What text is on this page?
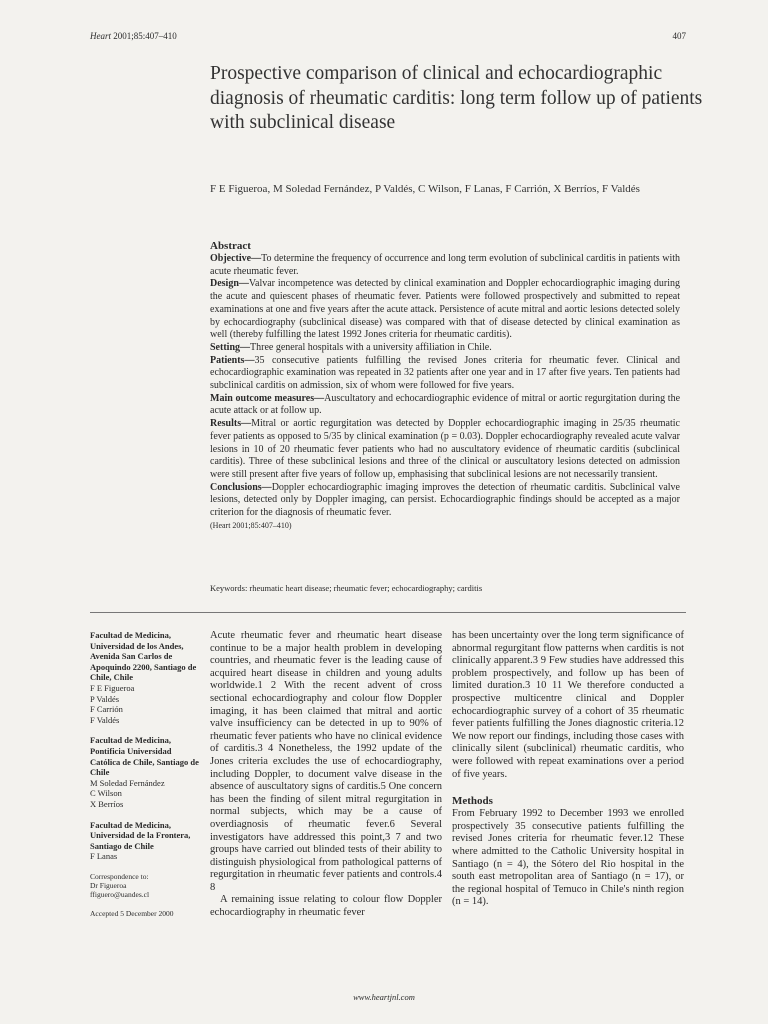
Heart 2001;85:407–410	407
Prospective comparison of clinical and echocardiographic diagnosis of rheumatic carditis: long term follow up of patients with subclinical disease
F E Figueroa, M Soledad Fernández, P Valdés, C Wilson, F Lanas, F Carrión, X Berríos, F Valdés
Abstract

Objective—To determine the frequency of occurrence and long term evolution of subclinical carditis in patients with acute rheumatic fever.

Design—Valvar incompetence was detected by clinical examination and Doppler echocardiographic imaging during the acute and quiescent phases of rheumatic fever. Patients were followed prospectively and submitted to repeat examinations at one and five years after the acute attack. Persistence of acute mitral and aortic lesions detected solely by echocardiography (subclinical disease) was compared with that of disease detected by clinical examination as well (thereby fulfilling the latest 1992 Jones criteria for rheumatic carditis).

Setting—Three general hospitals with a university affiliation in Chile.

Patients—35 consecutive patients fulfilling the revised Jones criteria for rheumatic fever. Clinical and echocardiographic examination was repeated in 32 patients after one year and in 17 after five years. Ten patients had subclinical carditis on admission, six of whom were followed for five years.

Main outcome measures—Auscultatory and echocardiographic evidence of mitral or aortic regurgitation during the acute attack or at follow up.

Results—Mitral or aortic regurgitation was detected by Doppler echocardiographic imaging in 25/35 rheumatic fever patients as opposed to 5/35 by clinical examination (p = 0.03). Doppler echocardiography revealed acute valvar lesions in 10 of 20 rheumatic fever patients who had no auscultatory evidence of rheumatic carditis (subclinical carditis). Three of these subclinical lesions and three of the clinical or auscultatory lesions detected on admission were still present after five years of follow up, emphasising that subclinical lesions are not necessarily transient.

Conclusions—Doppler echocardiographic imaging improves the detection of rheumatic carditis. Subclinical valve lesions, detected only by Doppler imaging, can persist. Echocardiographic findings should be accepted as a major criterion for the diagnosis of rheumatic fever.

(Heart 2001;85:407–410)

Keywords: rheumatic heart disease; rheumatic fever; echocardiography; carditis
Facultad de Medicina, Universidad de los Andes, Avenida San Carlos de Apoquindo 2200, Santiago de Chile, Chile
F E Figueroa
P Valdés
F Carrión
F Valdés
Facultad de Medicina, Pontificia Universidad Católica de Chile, Santiago de Chile
M Soledad Fernández
C Wilson
X Berríos
Facultad de Medicina, Universidad de la Frontera, Santiago de Chile
F Lanas
Correspondence to:
Dr Figueroa
ffiguero@uandes.cl
Accepted 5 December 2000

Acute rheumatic fever and rheumatic heart disease continue to be a major health problem in developing countries, and rheumatic fever is the leading cause of acquired heart disease in children and young adults worldwide.1 2 With the recent advent of cross sectional echocardiography and colour flow Doppler imaging, it has been claimed that mitral and aortic valve insufficiency can be detected in up to 90% of rheumatic fever patients who have no clinical evidence of carditis.3 4 Nonetheless, the 1992 update of the Jones criteria excludes the use of echocardiography, including Doppler, to document valve disease in the absence of auscultatory signs of carditis.5 One concern has been the finding of silent mitral regurgitation in normal subjects, which may be a cause of overdiagnosis of rheumatic fever.6 Several investigators have addressed this point,3 7 and two groups have carried out blinded tests of their ability to distinguish physiological from pathological patterns of regurgitation in rheumatic fever patients and controls.4 8

A remaining issue relating to colour flow Doppler echocardiography in rheumatic fever

has been uncertainty over the long term significance of abnormal regurgitant flow patterns when carditis is not clinically apparent.3 9 Few studies have addressed this problem prospectively, and follow up has been of limited duration.3 10 11 We therefore conducted a prospective multicentre clinical and Doppler echocardiographic survey of a cohort of 35 rheumatic fever patients fulfilling the Jones diagnostic criteria.12 We now report our findings, including those cases with clinically silent (subclinical) rheumatic carditis, who were followed with repeat examinations over a period of five years.

Methods

From February 1992 to December 1993 we enrolled prospectively 35 consecutive patients fulfilling the revised Jones criteria for rheumatic fever.12 These where admitted to the Catholic University hospital in Santiago (n = 4), the Sótero del Rio hospital in the south east metropolitan area of Santiago (n = 17), or the regional hospital of Temuco in Chile's ninth region (n = 14).

www.heartjnl.com
